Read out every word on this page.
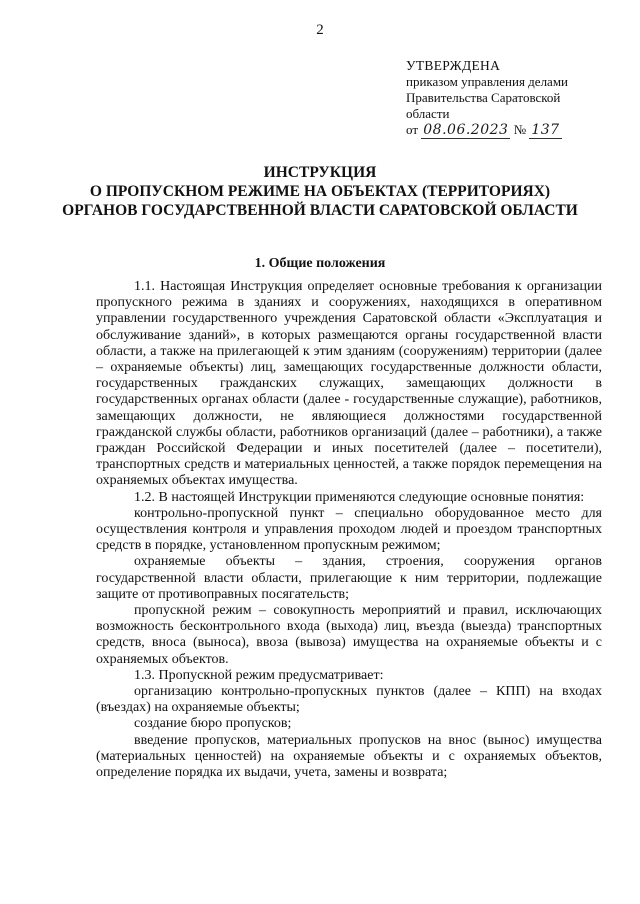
2
УТВЕРЖДЕНА
приказом управления делами
Правительства Саратовской
области
от 08.06.2023 № 137
ИНСТРУКЦИЯ
О ПРОПУСКНОМ РЕЖИМЕ НА ОБЪЕКТАХ (ТЕРРИТОРИЯХ)
ОРГАНОВ ГОСУДАРСТВЕННОЙ ВЛАСТИ САРАТОВСКОЙ ОБЛАСТИ
1. Общие положения

1.1. Настоящая Инструкция определяет основные требования к организации пропускного режима в зданиях и сооружениях, находящихся в оперативном управлении государственного учреждения Саратовской области «Эксплуатация и обслуживание зданий», в которых размещаются органы государственной власти области, а также на прилегающей к этим зданиям (сооружениям) территории (далее – охраняемые объекты) лиц, замещающих государственные должности области, государственных гражданских служащих, замещающих должности в государственных органах области (далее - государственные служащие), работников, замещающих должности, не являющиеся должностями государственной гражданской службы области, работников организаций (далее – работники), а также граждан Российской Федерации и иных посетителей (далее – посетители), транспортных средств и материальных ценностей, а также порядок перемещения на охраняемых объектах имущества.

1.2. В настоящей Инструкции применяются следующие основные понятия:

контрольно-пропускной пункт – специально оборудованное место для осуществления контроля и управления проходом людей и проездом транспортных средств в порядке, установленном пропускным режимом;

охраняемые объекты – здания, строения, сооружения органов государственной власти области, прилегающие к ним территории, подлежащие защите от противоправных посягательств;

пропускной режим – совокупность мероприятий и правил, исключающих возможность бесконтрольного входа (выхода) лиц, въезда (выезда) транспортных средств, вноса (выноса), ввоза (вывоза) имущества на охраняемые объекты и с охраняемых объектов.

1.3. Пропускной режим предусматривает:

организацию контрольно-пропускных пунктов (далее – КПП) на входах (въездах) на охраняемые объекты;

создание бюро пропусков;

введение пропусков, материальных пропусков на внос (вынос) имущества (материальных ценностей) на охраняемые объекты и с охраняемых объектов, определение порядка их выдачи, учета, замены и возврата;
